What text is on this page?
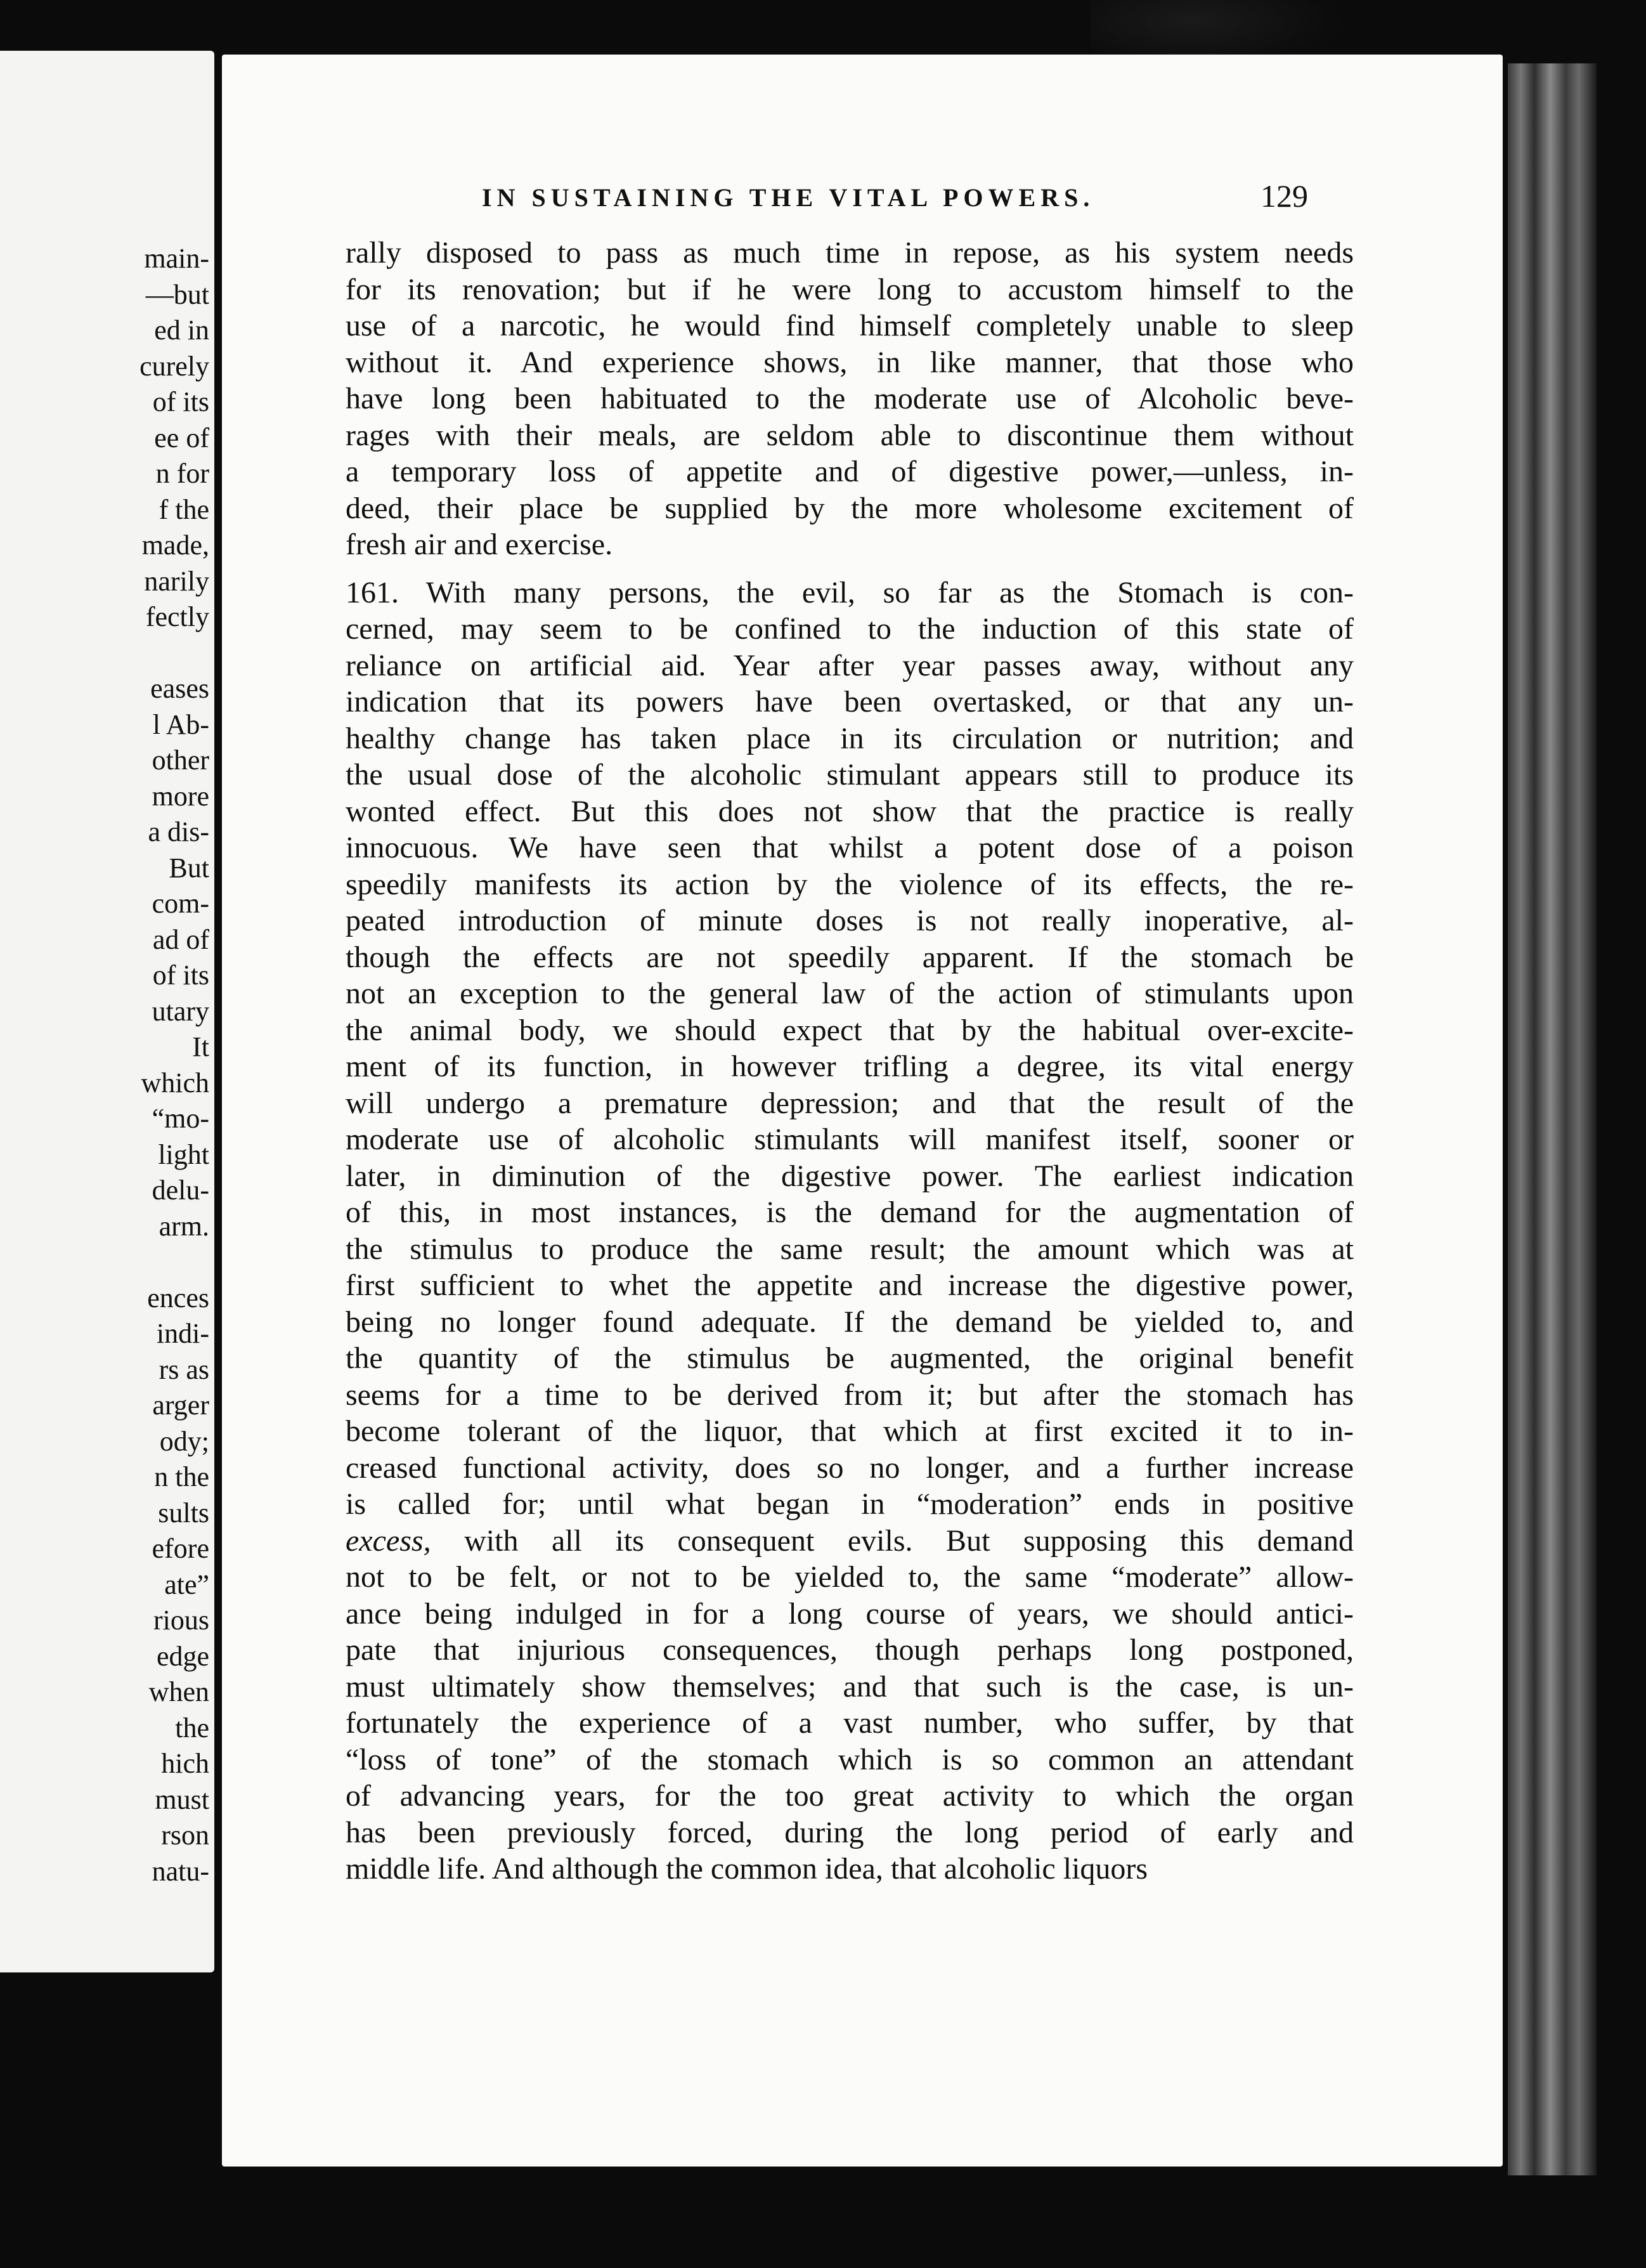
main-
—but
ed in
curely
of its
ee of
n for
f the
made,
narily
fectly
eases
l Ab-
other
more
a dis-
But
com-
ad of
of its
utary
It
which
“mo-
light
delu-
arm.
ences
indi-
rs as
arger
ody;
n the
sults
efore
ate”
rious
edge
when
the
hich
must
rson
natu-
IN SUSTAINING THE VITAL POWERS.	129
rally disposed to pass as much time in repose, as his system needs
for its renovation; but if he were long to accustom himself to the
use of a narcotic, he would find himself completely unable to sleep
without it. And experience shows, in like manner, that those who
have long been habituated to the moderate use of Alcoholic beve-
rages with their meals, are seldom able to discontinue them without
a temporary loss of appetite and of digestive power,—unless, in-
deed, their place be supplied by the more wholesome excitement of
fresh air and exercise.
161. With many persons, the evil, so far as the Stomach is con-
cerned, may seem to be confined to the induction of this state of
reliance on artificial aid. Year after year passes away, without any
indication that its powers have been overtasked, or that any un-
healthy change has taken place in its circulation or nutrition; and
the usual dose of the alcoholic stimulant appears still to produce its
wonted effect. But this does not show that the practice is really
innocuous. We have seen that whilst a potent dose of a poison
speedily manifests its action by the violence of its effects, the re-
peated introduction of minute doses is not really inoperative, al-
though the effects are not speedily apparent. If the stomach be
not an exception to the general law of the action of stimulants upon
the animal body, we should expect that by the habitual over-excite-
ment of its function, in however trifling a degree, its vital energy
will undergo a premature depression; and that the result of the
moderate use of alcoholic stimulants will manifest itself, sooner or
later, in diminution of the digestive power. The earliest indication
of this, in most instances, is the demand for the augmentation of
the stimulus to produce the same result; the amount which was at
first sufficient to whet the appetite and increase the digestive power,
being no longer found adequate. If the demand be yielded to, and
the quantity of the stimulus be augmented, the original benefit
seems for a time to be derived from it; but after the stomach has
become tolerant of the liquor, that which at first excited it to in-
creased functional activity, does so no longer, and a further increase
is called for; until what began in “moderation” ends in positive
excess, with all its consequent evils. But supposing this demand
not to be felt, or not to be yielded to, the same “moderate” allow-
ance being indulged in for a long course of years, we should antici-
pate that injurious consequences, though perhaps long postponed,
must ultimately show themselves; and that such is the case, is un-
fortunately the experience of a vast number, who suffer, by that
“loss of tone” of the stomach which is so common an attendant
of advancing years, for the too great activity to which the organ
has been previously forced, during the long period of early and
middle life. And although the common idea, that alcoholic liquors
